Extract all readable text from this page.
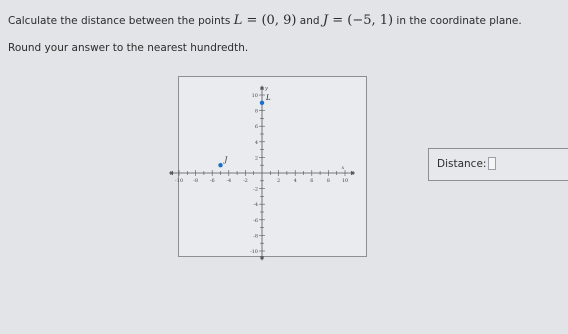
Calculate the distance between the points L = (0, 9) and J = (−5, 1) in the coordinate plane.
Round your answer to the nearest hundredth.
-10 -8 -6 -4 -2	2	4	6	8 10
10
8
6
4
2
-2
-4
-6
-8
-10
x
y
L
J	Distance:
